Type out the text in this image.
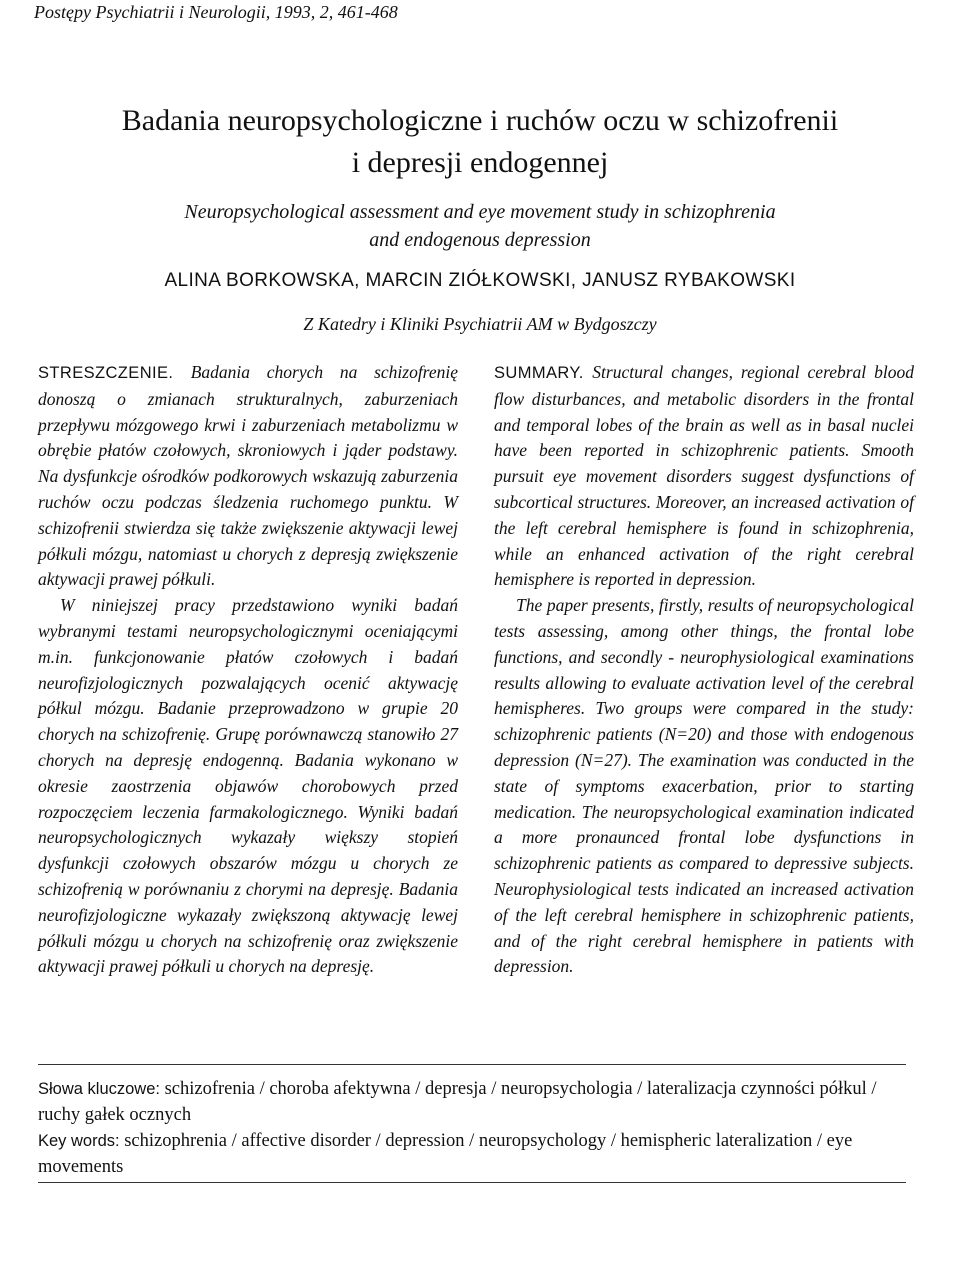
Postępy Psychiatrii i Neurologii, 1993, 2, 461-468
Badania neuropsychologiczne i ruchów oczu w schizofrenii
i depresji endogennej
Neuropsychological assessment and eye movement study in schizophrenia
and endogenous depression
ALINA BORKOWSKA, MARCIN ZIÓŁKOWSKI, JANUSZ RYBAKOWSKI
Z Katedry i Kliniki Psychiatrii AM w Bydgoszczy

STRESZCZENIE. Badania chorych na schizofrenię donoszą o zmianach strukturalnych, zaburzeniach przepływu mózgowego krwi i zaburzeniach metabolizmu w obrębie płatów czołowych, skroniowych i jąder podstawy. Na dysfunkcje ośrodków podkorowych wskazują zaburzenia ruchów oczu podczas śledzenia ruchomego punktu. W schizofrenii stwierdza się także zwiększenie aktywacji lewej półkuli mózgu, natomiast u chorych z depresją zwiększenie aktywacji prawej półkuli.

W niniejszej pracy przedstawiono wyniki badań wybranymi testami neuropsychologicznymi oceniającymi m.in. funkcjonowanie płatów czołowych i badań neurofizjologicznych pozwalających ocenić aktywację półkul mózgu. Badanie przeprowadzono w grupie 20 chorych na schizofrenię. Grupę porównawczą stanowiło 27 chorych na depresję endogenną. Badania wykonano w okresie zaostrzenia objawów chorobowych przed rozpoczęciem leczenia farmakologicznego. Wyniki badań neuropsychologicznych wykazały większy stopień dysfunkcji czołowych obszarów mózgu u chorych ze schizofrenią w porównaniu z chorymi na depresję. Badania neurofizjologiczne wykazały zwiększoną aktywację lewej półkuli mózgu u chorych na schizofrenię oraz zwiększenie aktywacji prawej półkuli u chorych na depresję.

SUMMARY. Structural changes, regional cerebral blood flow disturbances, and metabolic disorders in the frontal and temporal lobes of the brain as well as in basal nuclei have been reported in schizophrenic patients. Smooth pursuit eye movement disorders suggest dysfunctions of subcortical structures. Moreover, an increased activation of the left cerebral hemisphere is found in schizophrenia, while an enhanced activation of the right cerebral hemisphere is reported in depression.

The paper presents, firstly, results of neuropsychological tests assessing, among other things, the frontal lobe functions, and secondly - neurophysiological examinations results allowing to evaluate activation level of the cerebral hemispheres. Two groups were compared in the study: schizophrenic patients (N=20) and those with endogenous depression (N=27). The examination was conducted in the state of symptoms exacerbation, prior to starting medication. The neuropsychological examination indicated a more pronaunced frontal lobe dysfunctions in schizophrenic patients as compared to depressive subjects. Neurophysiological tests indicated an increased activation of the left cerebral hemisphere in schizophrenic patients, and of the right cerebral hemisphere in patients with depression.

Słowa kluczowe: schizofrenia / choroba afektywna / depresja / neuropsychologia / lateralizacja czynności półkul / ruchy gałek ocznych

Key words: schizophrenia / affective disorder / depression / neuropsychology / hemispheric lateralization / eye movements
